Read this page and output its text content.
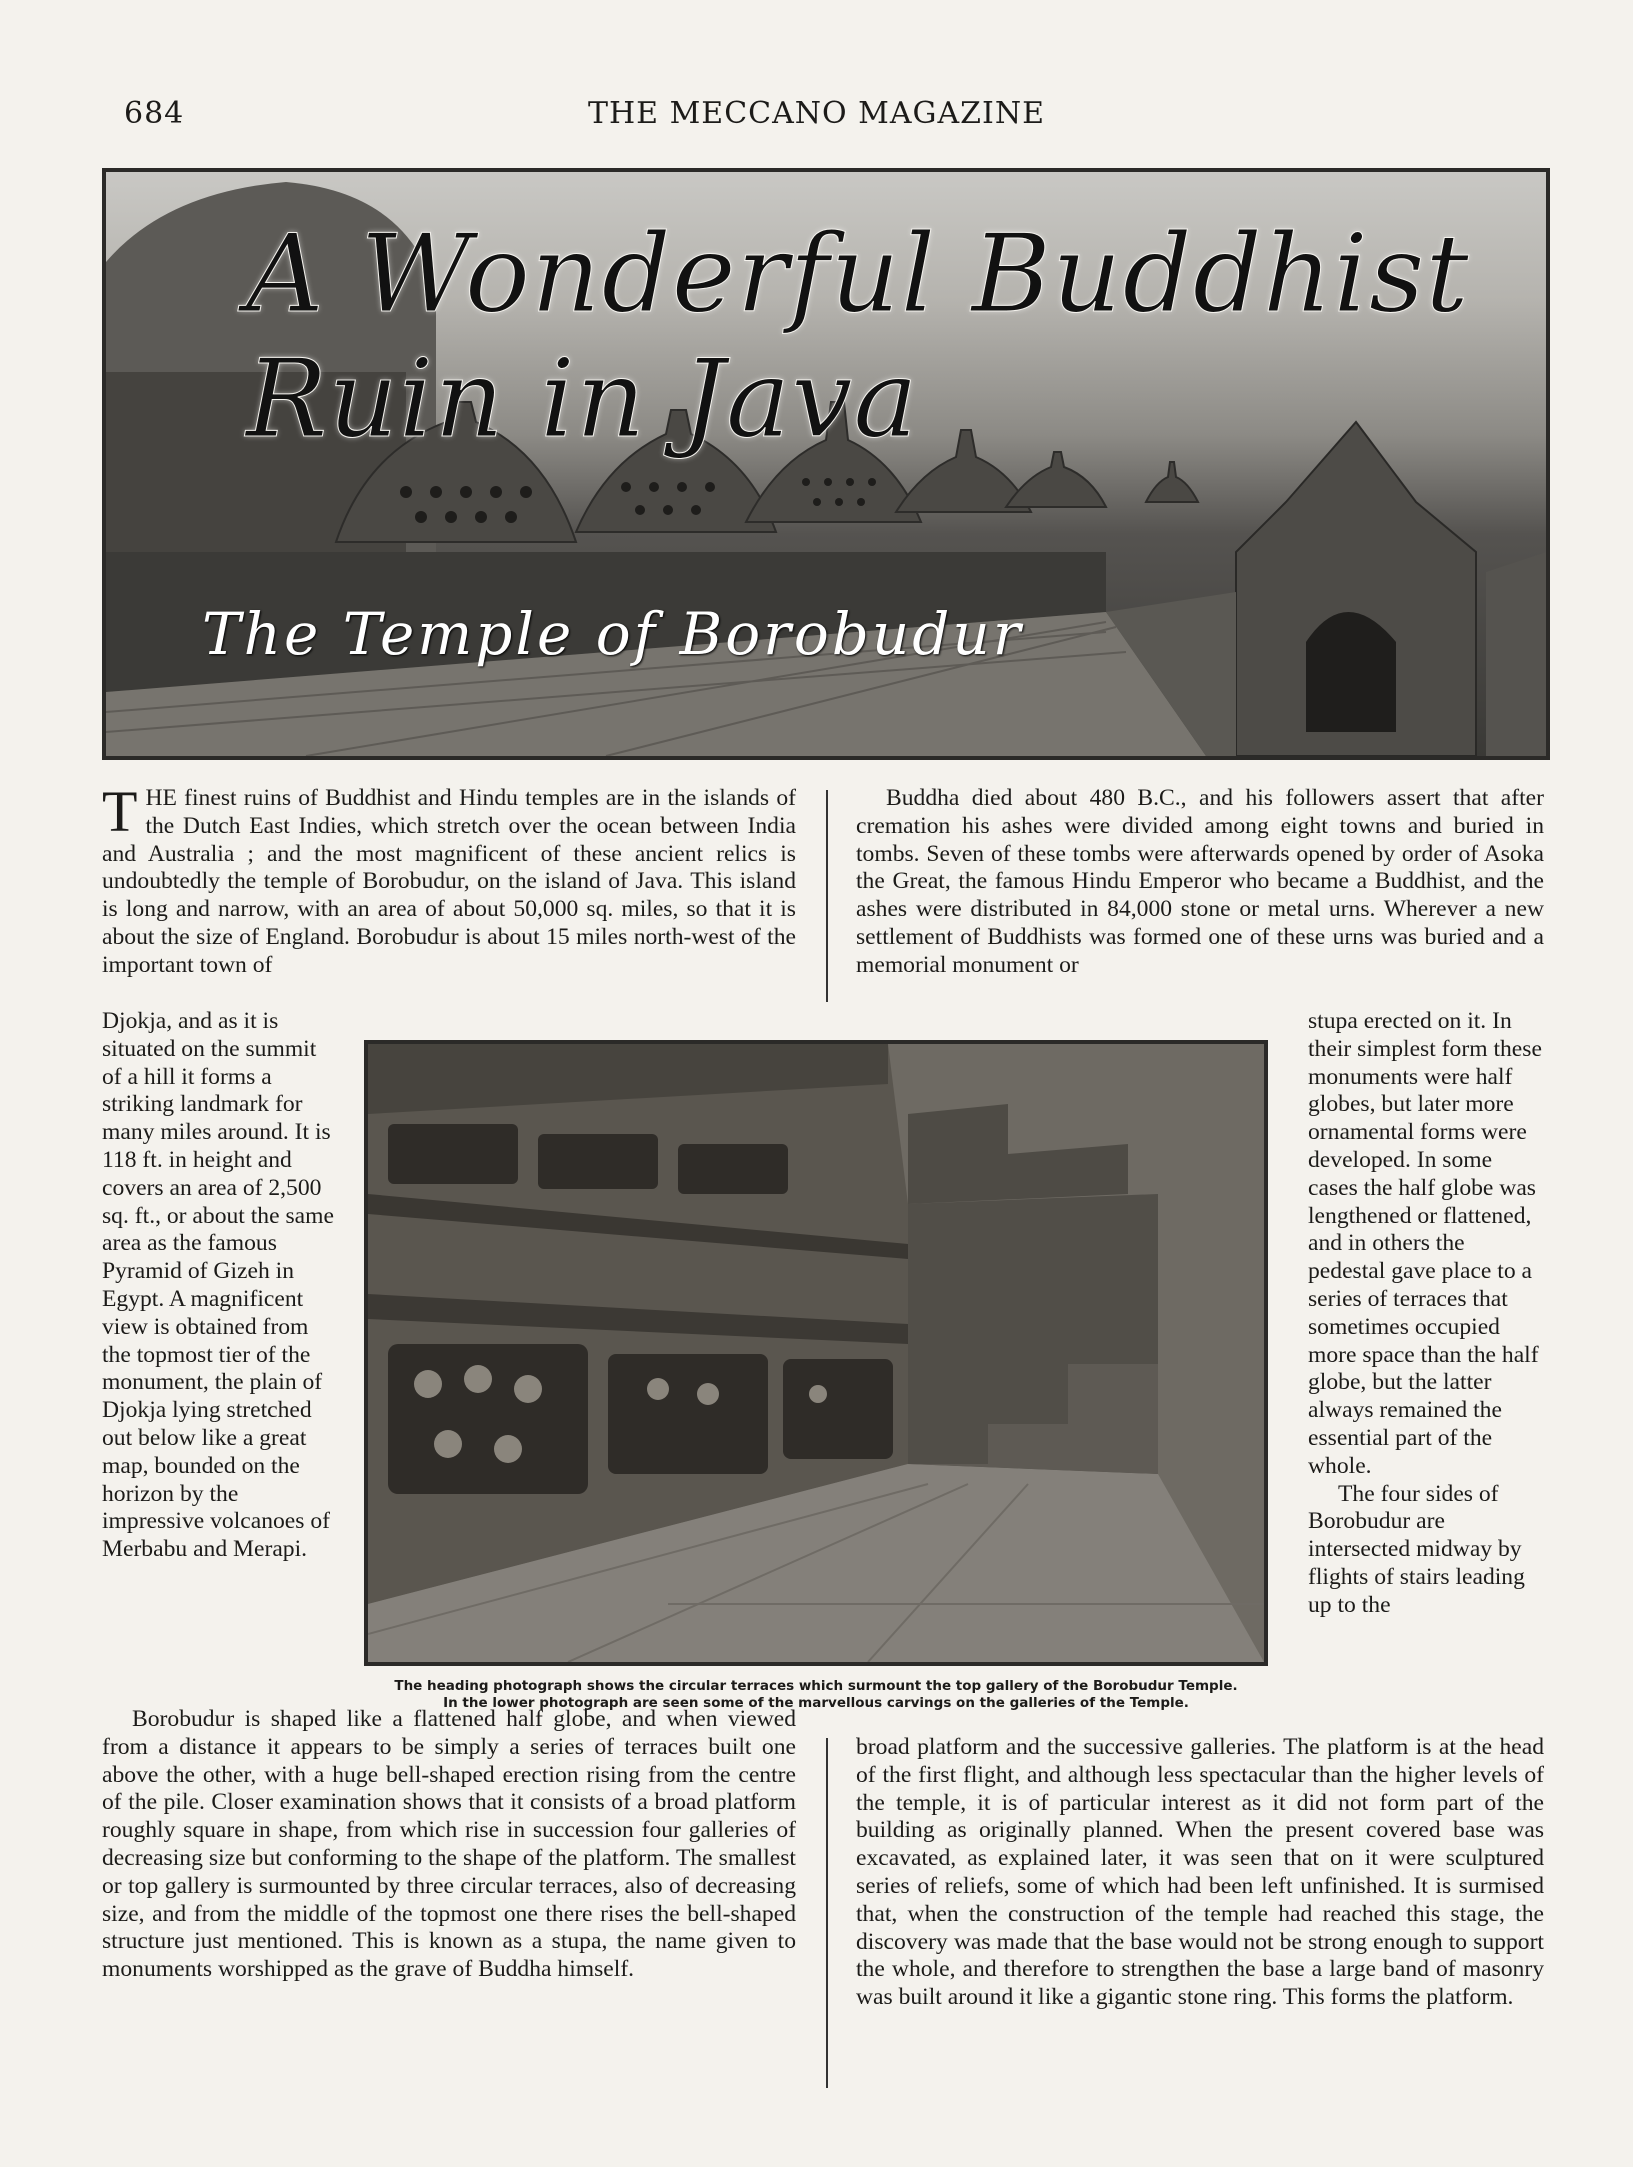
684	THE MECCANO MAGAZINE
A Wonderful Buddhist Ruin in Java
The Temple of Borobudur
T HE finest ruins of Buddhist and Hindu temples are in the islands of the Dutch East Indies, which stretch over the ocean between India and Australia ; and the most magnificent of these ancient relics is undoubtedly the temple of Borobudur, on the island of Java. This island is long and narrow, with an area of about 50,000 sq. miles, so that it is about the size of England. Borobudur is about 15 miles north-west of the important town of

Buddha died about 480 B.C., and his followers assert that after cremation his ashes were divided among eight towns and buried in tombs. Seven of these tombs were afterwards opened by order of Asoka the Great, the famous Hindu Emperor who became a Buddhist, and the ashes were distributed in 84,000 stone or metal urns. Wherever a new settlement of Buddhists was formed one of these urns was buried and a memorial monument or

Djokja, and as it is situated on the summit of a hill it forms a striking landmark for many miles around. It is 118 ft. in height and covers an area of 2,500 sq. ft., or about the same area as the famous Pyramid of Gizeh in Egypt. A magnificent view is obtained from the topmost tier of the monument, the plain of Djokja lying stretched out below like a great map, bounded on the horizon by the impressive volcanoes of Merbabu and Merapi.

The heading photograph shows the circular terraces which surmount the top gallery of the Borobudur Temple.

In the lower photograph are seen some of the marvellous carvings on the galleries of the Temple.

stupa erected on it. In their simplest form these monuments were half globes, but later more ornamental forms were developed. In some cases the half globe was lengthened or flattened, and in others the pedestal gave place to a series of terraces that sometimes occupied more space than the half globe, but the latter always remained the essential part of the whole.

The four sides of Borobudur are intersected midway by flights of stairs leading up to the

Borobudur is shaped like a flattened half globe, and when viewed from a distance it appears to be simply a series of terraces built one above the other, with a huge bell-shaped erection rising from the centre of the pile. Closer examination shows that it consists of a broad platform roughly square in shape, from which rise in succession four galleries of decreasing size but conforming to the shape of the platform. The smallest or top gallery is surmounted by three circular terraces, also of decreasing size, and from the middle of the topmost one there rises the bell-shaped structure just mentioned. This is known as a stupa, the name given to monuments worshipped as the grave of Buddha himself.

broad platform and the successive galleries. The platform is at the head of the first flight, and although less spectacular than the higher levels of the temple, it is of particular interest as it did not form part of the building as originally planned. When the present covered base was excavated, as explained later, it was seen that on it were sculptured series of reliefs, some of which had been left unfinished. It is surmised that, when the construction of the temple had reached this stage, the discovery was made that the base would not be strong enough to support the whole, and therefore to strengthen the base a large band of masonry was built around it like a gigantic stone ring. This forms the platform.
